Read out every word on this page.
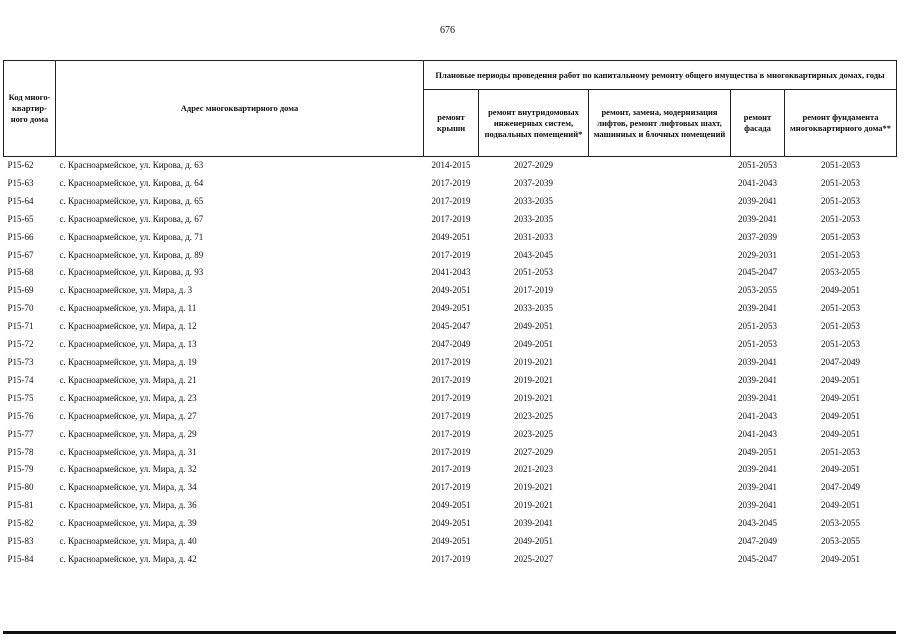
676
Код много-квартир-ного дома	Адрес многоквартирного дома	Плановые периоды проведения работ по капитальному ремонту общего имущества в многоквартирных домах, годы				
		ремонт крыши	ремонт внутридомовых инженерных систем, подвальных помещений*	ремонт, замена, модернизация лифтов, ремонт лифтовых шахт, машинных и блочных помещений	ремонт фасада	ремонт фундамента многоквартирного дома**
Р15-62	с. Красноармейское, ул. Кирова, д. 63	2014-2015	2027-2029		2051-2053	2051-2053
Р15-63	с. Красноармейское, ул. Кирова, д. 64	2017-2019	2037-2039		2041-2043	2051-2053
Р15-64	с. Красноармейское, ул. Кирова, д. 65	2017-2019	2033-2035		2039-2041	2051-2053
Р15-65	с. Красноармейское, ул. Кирова, д. 67	2017-2019	2033-2035		2039-2041	2051-2053
Р15-66	с. Красноармейское, ул. Кирова, д. 71	2049-2051	2031-2033		2037-2039	2051-2053
Р15-67	с. Красноармейское, ул. Кирова, д. 89	2017-2019	2043-2045		2029-2031	2051-2053
Р15-68	с. Красноармейское, ул. Кирова, д. 93	2041-2043	2051-2053		2045-2047	2053-2055
Р15-69	с. Красноармейское, ул. Мира, д. 3	2049-2051	2017-2019		2053-2055	2049-2051
Р15-70	с. Красноармейское, ул. Мира, д. 11	2049-2051	2033-2035		2039-2041	2051-2053
Р15-71	с. Красноармейское, ул. Мира, д. 12	2045-2047	2049-2051		2051-2053	2051-2053
Р15-72	с. Красноармейское, ул. Мира, д. 13	2047-2049	2049-2051		2051-2053	2051-2053
Р15-73	с. Красноармейское, ул. Мира, д. 19	2017-2019	2019-2021		2039-2041	2047-2049
Р15-74	с. Красноармейское, ул. Мира, д. 21	2017-2019	2019-2021		2039-2041	2049-2051
Р15-75	с. Красноармейское, ул. Мира, д. 23	2017-2019	2019-2021		2039-2041	2049-2051
Р15-76	с. Красноармейское, ул. Мира, д. 27	2017-2019	2023-2025		2041-2043	2049-2051
Р15-77	с. Красноармейское, ул. Мира, д. 29	2017-2019	2023-2025		2041-2043	2049-2051
Р15-78	с. Красноармейское, ул. Мира, д. 31	2017-2019	2027-2029		2049-2051	2051-2053
Р15-79	с. Красноармейское, ул. Мира, д. 32	2017-2019	2021-2023		2039-2041	2049-2051
Р15-80	с. Красноармейское, ул. Мира, д. 34	2017-2019	2019-2021		2039-2041	2047-2049
Р15-81	с. Красноармейское, ул. Мира, д. 36	2049-2051	2019-2021		2039-2041	2049-2051
Р15-82	с. Красноармейское, ул. Мира, д. 39	2049-2051	2039-2041		2043-2045	2053-2055
Р15-83	с. Красноармейское, ул. Мира, д. 40	2049-2051	2049-2051		2047-2049	2053-2055
Р15-84	с. Красноармейское, ул. Мира, д. 42	2017-2019	2025-2027		2045-2047	2049-2051
